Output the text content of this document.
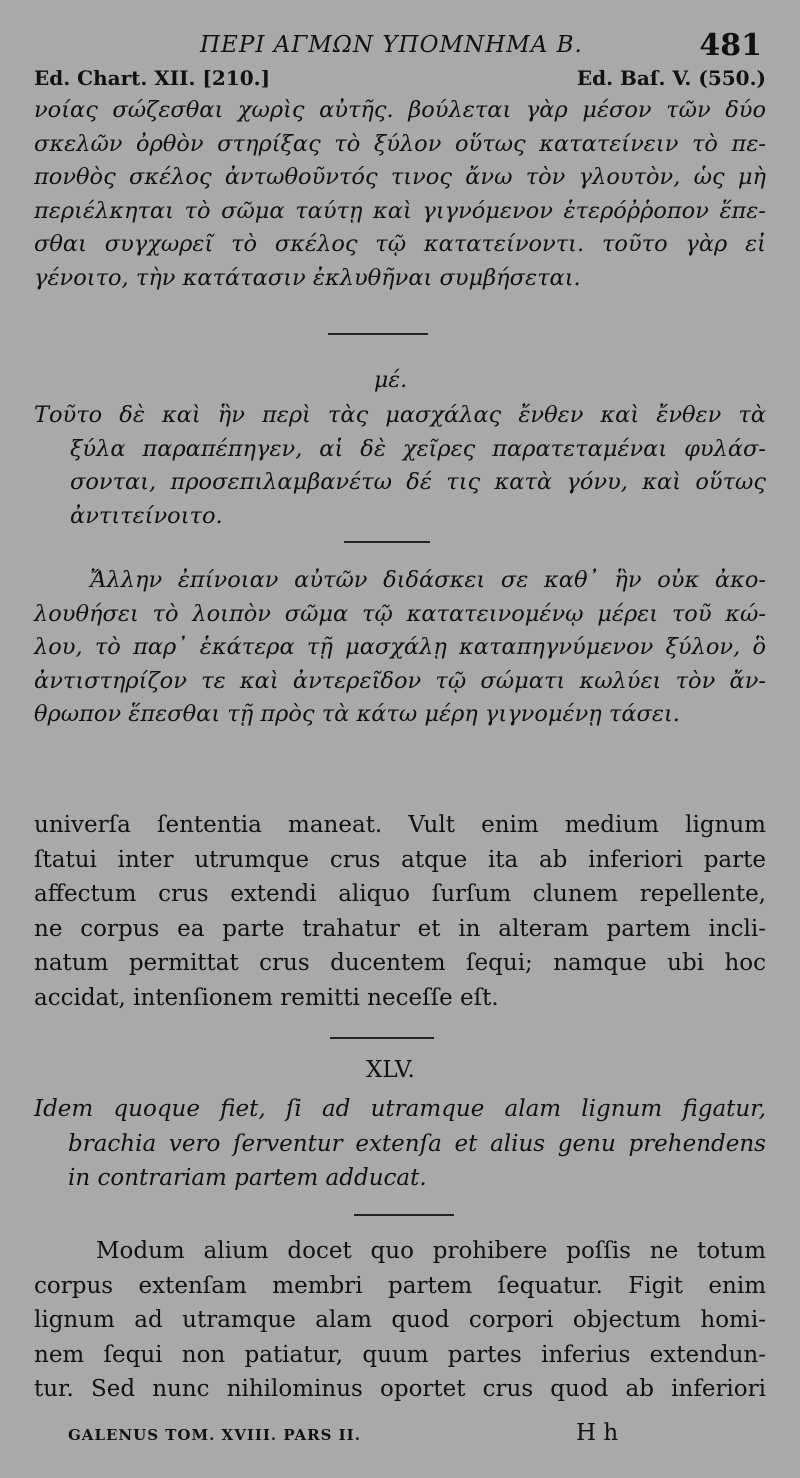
ΠΕΡΙ ΑΓΜΩΝ ΥΠΟΜΝΗΜΑ Β.	481
Ed. Chart. XII. [210.]	Ed. Baſ. V. (550.)
νοίας σώζεσθαι χωρὶς αὐτῆς. βούλεται γὰρ μέσον τῶν δύο
σκελῶν ὀρθὸν στηρίξας τὸ ξύλον οὕτως κατατείνειν τὸ πε-
πονθὸς σκέλος ἀντωθοῦντός τινος ἄνω τὸν γλουτὸν, ὡς μὴ
περιέλκηται τὸ σῶμα ταύτῃ καὶ γιγνόμενον ἑτερόῤῥοπον ἕπε-
σθαι συγχωρεῖ τὸ σκέλος τῷ κατατείνοντι. τοῦτο γὰρ εἰ
γένοιτο, τὴν κατάτασιν ἐκλυθῆναι συμβήσεται.
μέ.
Τοῦτο δὲ καὶ ἣν περὶ τὰς μασχάλας ἔνθεν καὶ ἔνθεν τὰ
ξύλα παραπέπηγεν, αἱ δὲ χεῖρες παρατεταμέναι φυλάσ-
σονται, προσεπιλαμβανέτω δέ τις κατὰ γόνυ, καὶ οὕτως
ἀντιτείνοιτο.
Ἄλλην ἐπίνοιαν αὐτῶν διδάσκει σε καθ᾽ ἣν οὐκ ἀκο-
λουθήσει τὸ λοιπὸν σῶμα τῷ κατατεινομένῳ μέρει τοῦ κώ-
λου, τὸ παρ᾽ ἑκάτερα τῇ μασχάλῃ καταπηγνύμενον ξύλον, ὃ
ἀντιστηρίζον τε καὶ ἀντερεῖδον τῷ σώματι κωλύει τὸν ἄν-
θρωπον ἕπεσθαι τῇ πρὸς τὰ κάτω μέρη γιγνομένῃ τάσει.
univerſa ſententia maneat. Vult enim medium lignum
ſtatui inter utrumque crus atque ita ab inferiori parte
affectum crus extendi aliquo ſurſum clunem repellente,
ne corpus ea parte trahatur et in alteram partem incli-
natum permittat crus ducentem ſequi; namque ubi hoc
accidat, intenſionem remitti neceſſe eſt.
XLV.
Idem quoque fiet, ſi ad utramque alam lignum figatur,
brachia vero ſerventur extenſa et alius genu prehendens
in contrariam partem adducat.
Modum alium docet quo prohibere poſſis ne totum
corpus extenſam membri partem ſequatur. Figit enim
lignum ad utramque alam quod corpori objectum homi-
nem ſequi non patiatur, quum partes inferius extendun-
tur. Sed nunc nihilominus oportet crus quod ab inferiori
GALENUS TOM. XVIII. PARS II.	H h
